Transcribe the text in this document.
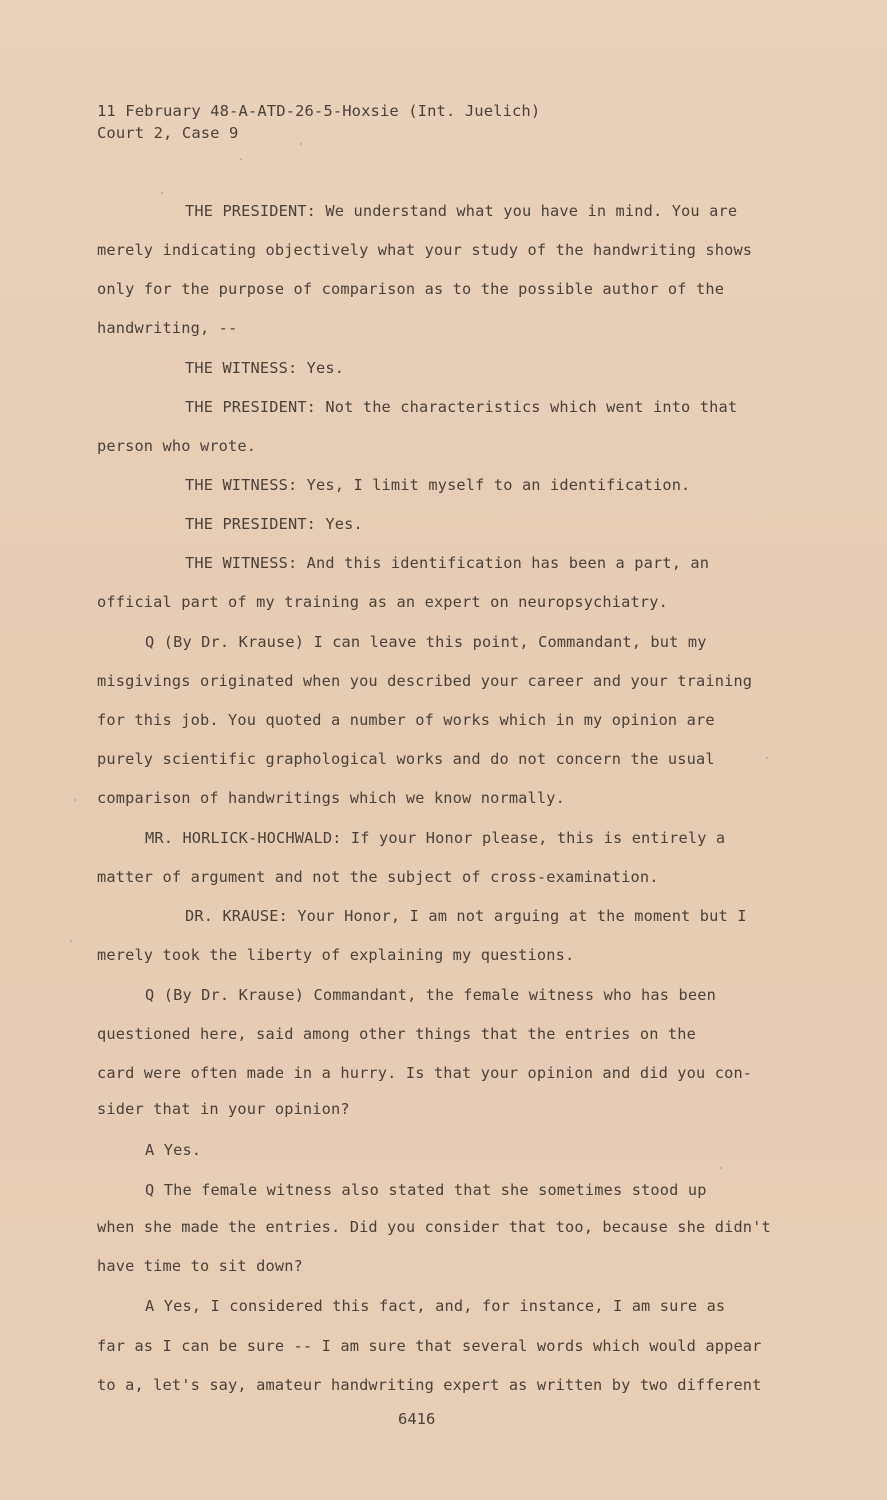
11 February 48-A-ATD-26-5-Hoxsie (Int. Juelich)
Court 2, Case 9
THE PRESIDENT: We understand what you have in mind. You are
merely indicating objectively what your study of the handwriting shows
only for the purpose of comparison as to the possible author of the
handwriting, --
THE WITNESS: Yes.
THE PRESIDENT: Not the characteristics which went into that
person who wrote.
THE WITNESS: Yes, I limit myself to an identification.
THE PRESIDENT: Yes.
THE WITNESS: And this identification has been a part, an
official part of my training as an expert on neuropsychiatry.
Q (By Dr. Krause) I can leave this point, Commandant, but my
misgivings originated when you described your career and your training
for this job. You quoted a number of works which in my opinion are
purely scientific graphological works and do not concern the usual
comparison of handwritings which we know normally.
MR. HORLICK-HOCHWALD: If your Honor please, this is entirely a
matter of argument and not the subject of cross-examination.
DR. KRAUSE: Your Honor, I am not arguing at the moment but I
merely took the liberty of explaining my questions.
Q (By Dr. Krause) Commandant, the female witness who has been
questioned here, said among other things that the entries on the
card were often made in a hurry. Is that your opinion and did you con-
sider that in your opinion?
A Yes.
Q The female witness also stated that she sometimes stood up
when she made the entries. Did you consider that too, because she didn't
have time to sit down?
A Yes, I considered this fact, and, for instance, I am sure as
far as I can be sure -- I am sure that several words which would appear
to a, let's say, amateur handwriting expert as written by two different
6416
